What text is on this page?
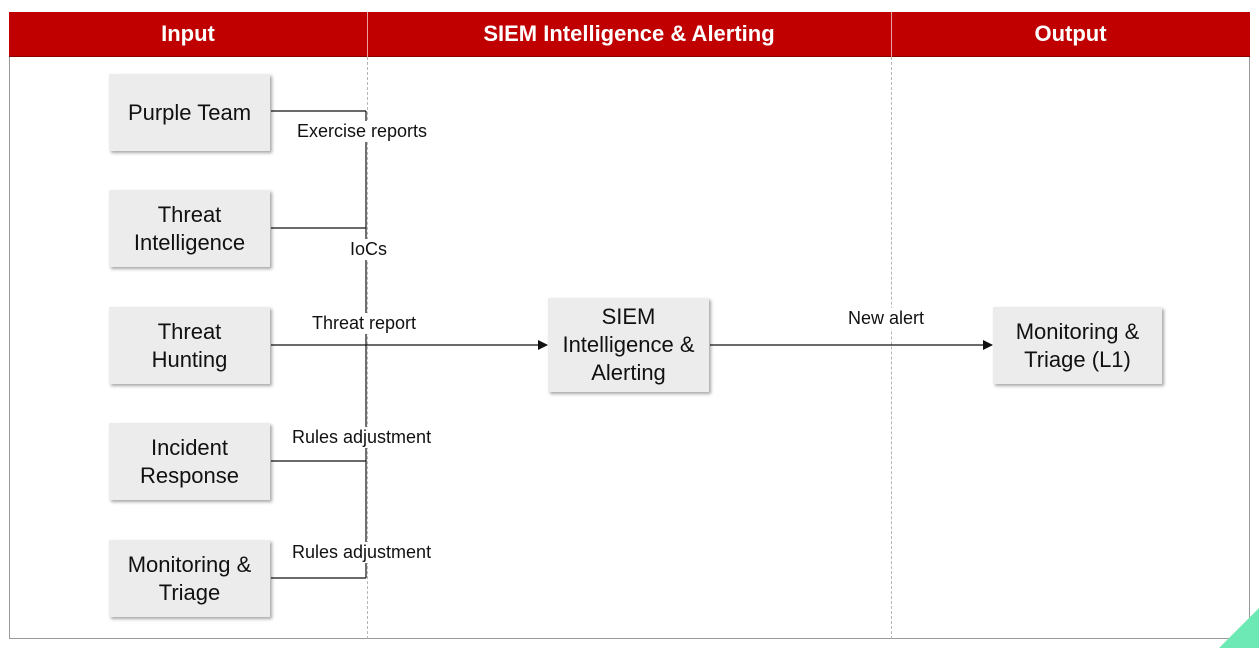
Input	SIEM Intelligence & Alerting	Output
Purple Team
Threat
Intelligence
Threat
Hunting
Incident
Response
Monitoring &
Triage
Exercise reports
IoCs
Threat report
Rules adjustment
Rules adjustment
SIEM
Intelligence &
Alerting
New alert
Monitoring &
Triage (L1)
